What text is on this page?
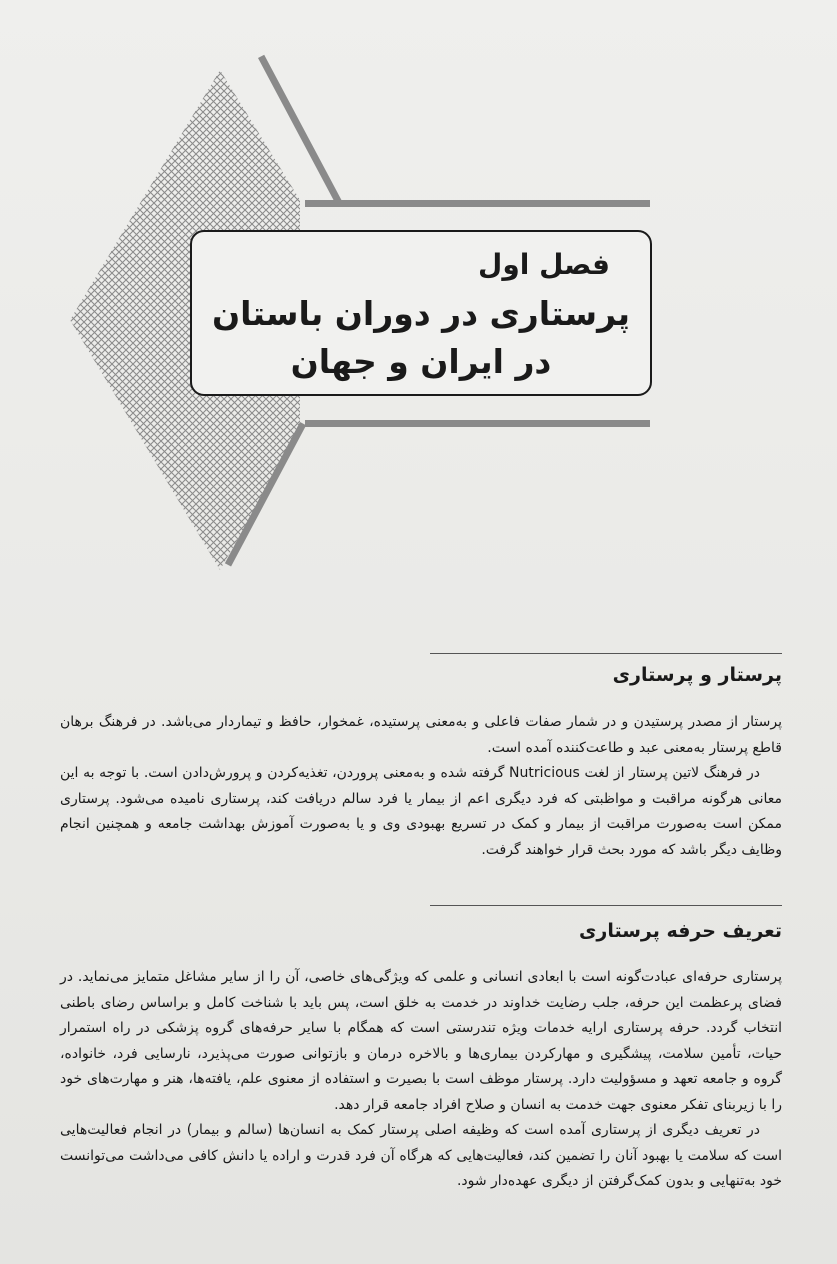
فصل اول
پرستاری در دوران باستان
در ایران و جهان
پرستار و پرستاری

پرستار از مصدر پرستیدن و در شمار صفات فاعلی و به‌معنی پرستیده، غمخوار، حافظ و تیماردار می‌باشد. در فرهنگ برهان قاطع پرستار به‌معنی عبد و طاعت‌کننده آمده است.

در فرهنگ لاتین پرستار از لغت Nutricious گرفته شده و به‌معنی پروردن، تغذیه‌کردن و پرورش‌دادن است. با توجه به این معانی هرگونه مراقبت و مواظبتی که فرد دیگری اعم از بیمار یا فرد سالم دریافت کند، پرستاری نامیده می‌شود. پرستاری ممکن است به‌صورت مراقبت از بیمار و کمک در تسریع بهبودی وی و یا به‌صورت آموزش بهداشت جامعه و همچنین انجام وظایف دیگر باشد که مورد بحث قرار خواهند گرفت.

تعریف حرفه پرستاری

پرستاری حرفه‌ای عبادت‌گونه است با ابعادی انسانی و علمی که ویژگی‌های خاصی، آن را از سایر مشاغل متمایز می‌نماید. در فضای پرعظمت این حرفه، جلب رضایت خداوند در خدمت به خلق است، پس باید با شناخت کامل و براساس رضای باطنی انتخاب گردد. حرفه پرستاری ارایه خدمات ویژه تندرستی است که همگام با سایر حرفه‌های گروه پزشکی در راه استمرار حیات، تأمین سلامت، پیشگیری و مهارکردن بیماری‌ها و بالاخره درمان و بازتوانی صورت می‌پذیرد، نارسایی فرد، خانواده، گروه و جامعه تعهد و مسؤولیت دارد. پرستار موظف است با بصیرت و استفاده از معنوی علم، یافته‌ها، هنر و مهارت‌های خود را با زیربنای تفکر معنوی جهت خدمت به انسان و صلاح افراد جامعه قرار دهد.

در تعریف دیگری از پرستاری آمده است که وظیفه اصلی پرستار کمک به انسان‌ها (سالم و بیمار) در انجام فعالیت‌هایی است که سلامت یا بهبود آنان را تضمین کند، فعالیت‌هایی که هرگاه آن فرد قدرت و اراده یا دانش کافی می‌داشت می‌توانست خود به‌تنهایی و بدون کمک‌گرفتن از دیگری عهده‌دار شود.
